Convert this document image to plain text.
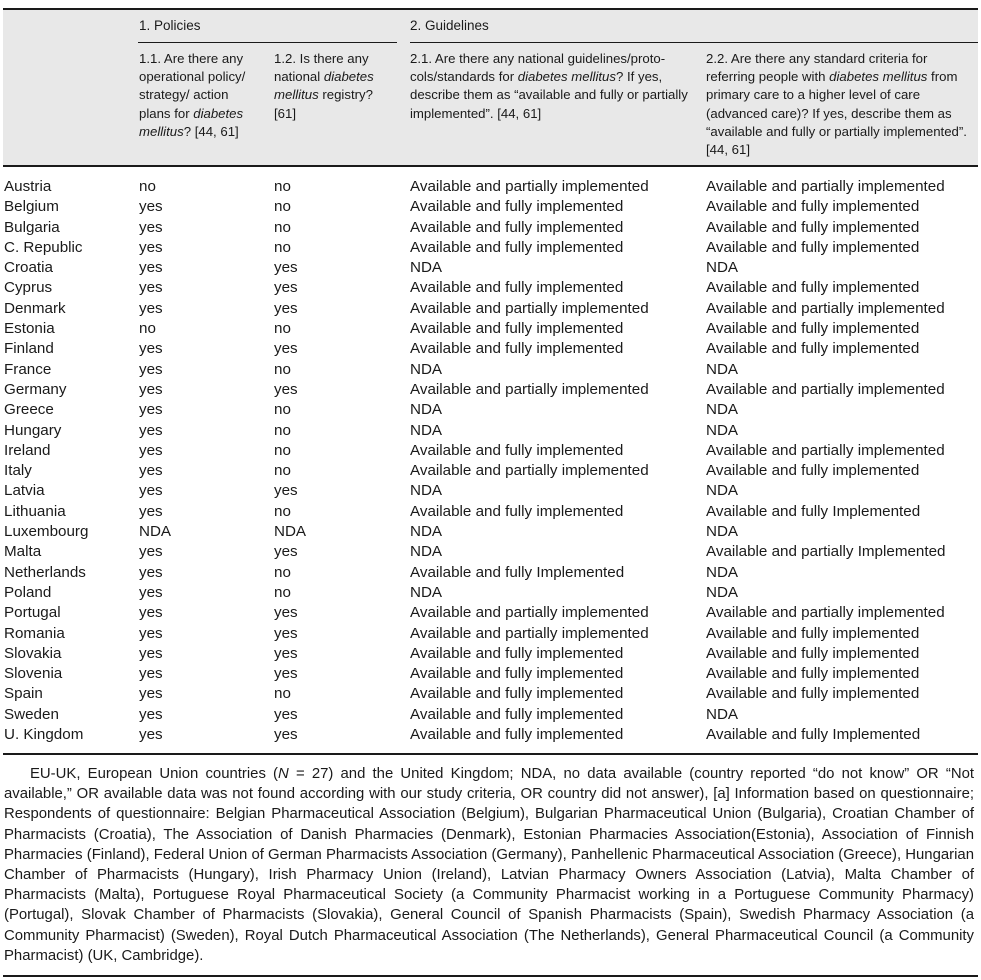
1. Policies	2. Guidelines
1.1. Are there any operational policy/ strategy/ action plans for diabetes mellitus? [44, 61]
1.2. Is there any national diabetes mellitus registry? [61]
2.1. Are there any national guidelines/protocols/standards for diabetes mellitus? If yes, describe them as “available and fully or partially implemented”. [44, 61]
2.2. Are there any standard criteria for referring people with diabetes mellitus from primary care to a higher level of care (advanced care)? If yes, describe them as “available and fully or partially implemented”. [44, 61]
Austria	no	no	Available and partially implemented	Available and partially implemented
Belgium	yes	no	Available and fully implemented	Available and fully implemented
Bulgaria	yes	no	Available and fully implemented	Available and fully implemented
C. Republic	yes	no	Available and fully implemented	Available and fully implemented
Croatia	yes	yes	NDA	NDA
Cyprus	yes	yes	Available and fully implemented	Available and fully implemented
Denmark	yes	yes	Available and partially implemented	Available and partially implemented
Estonia	no	no	Available and fully implemented	Available and fully implemented
Finland	yes	yes	Available and fully implemented	Available and fully implemented
France	yes	no	NDA	NDA
Germany	yes	yes	Available and partially implemented	Available and partially implemented
Greece	yes	no	NDA	NDA
Hungary	yes	no	NDA	NDA
Ireland	yes	no	Available and fully implemented	Available and partially implemented
Italy	yes	no	Available and partially implemented	Available and fully implemented
Latvia	yes	yes	NDA	NDA
Lithuania	yes	no	Available and fully implemented	Available and fully Implemented
Luxembourg	NDA	NDA	NDA	NDA
Malta	yes	yes	NDA	Available and partially Implemented
Netherlands	yes	no	Available and fully Implemented	NDA
Poland	yes	no	NDA	NDA
Portugal	yes	yes	Available and partially implemented	Available and partially implemented
Romania	yes	yes	Available and partially implemented	Available and fully implemented
Slovakia	yes	yes	Available and fully implemented	Available and fully implemented
Slovenia	yes	yes	Available and fully implemented	Available and fully implemented
Spain	yes	no	Available and fully implemented	Available and fully implemented
Sweden	yes	yes	Available and fully implemented	NDA
U. Kingdom	yes	yes	Available and fully implemented	Available and fully Implemented
EU-UK, European Union countries (N = 27) and the United Kingdom; NDA, no data available (country reported “do not know” OR “Not available,” OR available data was not found according with our study criteria, OR country did not answer), [a] Information based on questionnaire; Respondents of questionnaire: Belgian Pharmaceutical Association (Belgium), Bulgarian Pharmaceutical Union (Bulgaria), Croatian Chamber of Pharmacists (Croatia), The Association of Danish Pharmacies (Denmark), Estonian Pharmacies Association(Estonia), Association of Finnish Pharmacies (Finland), Federal Union of German Pharmacists Association (Germany), Panhellenic Pharmaceutical Association (Greece), Hungarian Chamber of Pharmacists (Hungary), Irish Pharmacy Union (Ireland), Latvian Pharmacy Owners Association (Latvia), Malta Chamber of Pharmacists (Malta), Portuguese Royal Pharmaceutical Society (a Community Pharmacist working in a Portuguese Community Pharmacy) (Portugal), Slovak Chamber of Pharmacists (Slovakia), General Council of Spanish Pharmacists (Spain), Swedish Pharmacy Association (a Community Pharmacist) (Sweden), Royal Dutch Pharmaceutical Association (The Netherlands), General Pharmaceutical Council (a Community Pharmacist) (UK, Cambridge).
